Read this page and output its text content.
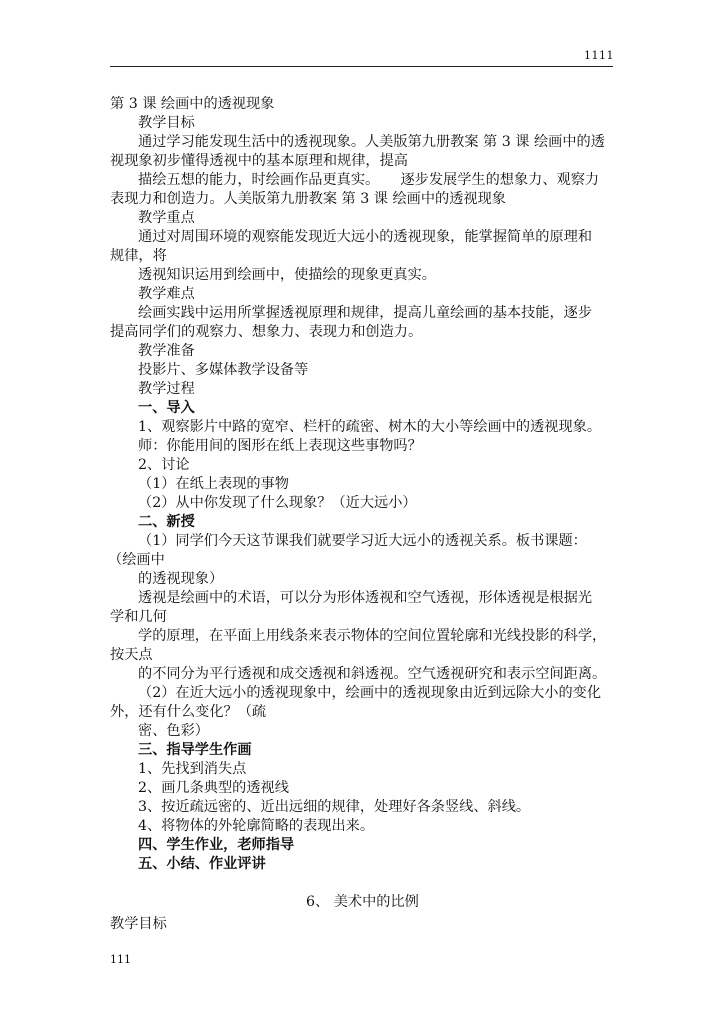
1111
第 3 课 绘画中的透视现象
教学目标
通过学习能发现生活中的透视现象。人美版第九册教案 第 3 课 绘画中的透
视现象初步懂得透视中的基本原理和规律，提高
描绘五想的能力，时绘画作品更真实。　　逐步发展学生的想象力、观察力
表现力和创造力。人美版第九册教案 第 3 课 绘画中的透视现象
教学重点
通过对周围环境的观察能发现近大远小的透视现象，能掌握简单的原理和
规律，将
透视知识运用到绘画中，使描绘的现象更真实。
教学难点
绘画实践中运用所掌握透视原理和规律，提高儿童绘画的基本技能，逐步
提高同学们的观察力、想象力、表现力和创造力。
教学准备
投影片、多媒体教学设备等
教学过程
一、导入
1、观察影片中路的宽窄、栏杆的疏密、树木的大小等绘画中的透视现象。
师：你能用间的图形在纸上表现这些事物吗？
2、讨论
（1）在纸上表现的事物
（2）从中你发现了什么现象？（近大远小）
二、新授
（1）同学们今天这节课我们就要学习近大远小的透视关系。板书课题：
（绘画中
的透视现象）
透视是绘画中的术语，可以分为形体透视和空气透视，形体透视是根据光
学和几何
学的原理，在平面上用线条来表示物体的空间位置轮廓和光线投影的科学，
按天点
的不同分为平行透视和成交透视和斜透视。空气透视研究和表示空间距离。
（2）在近大远小的透视现象中，绘画中的透视现象由近到远除大小的变化
外，还有什么变化？（疏
密、色彩）
三、指导学生作画
1、先找到消失点
2、画几条典型的透视线
3、按近疏远密的、近出远细的规律，处理好各条竖线、斜线。
4、将物体的外轮廓简略的表现出来。
四、学生作业，老师指导
五、小结、作业评讲
6、 美术中的比例
教学目标
111
